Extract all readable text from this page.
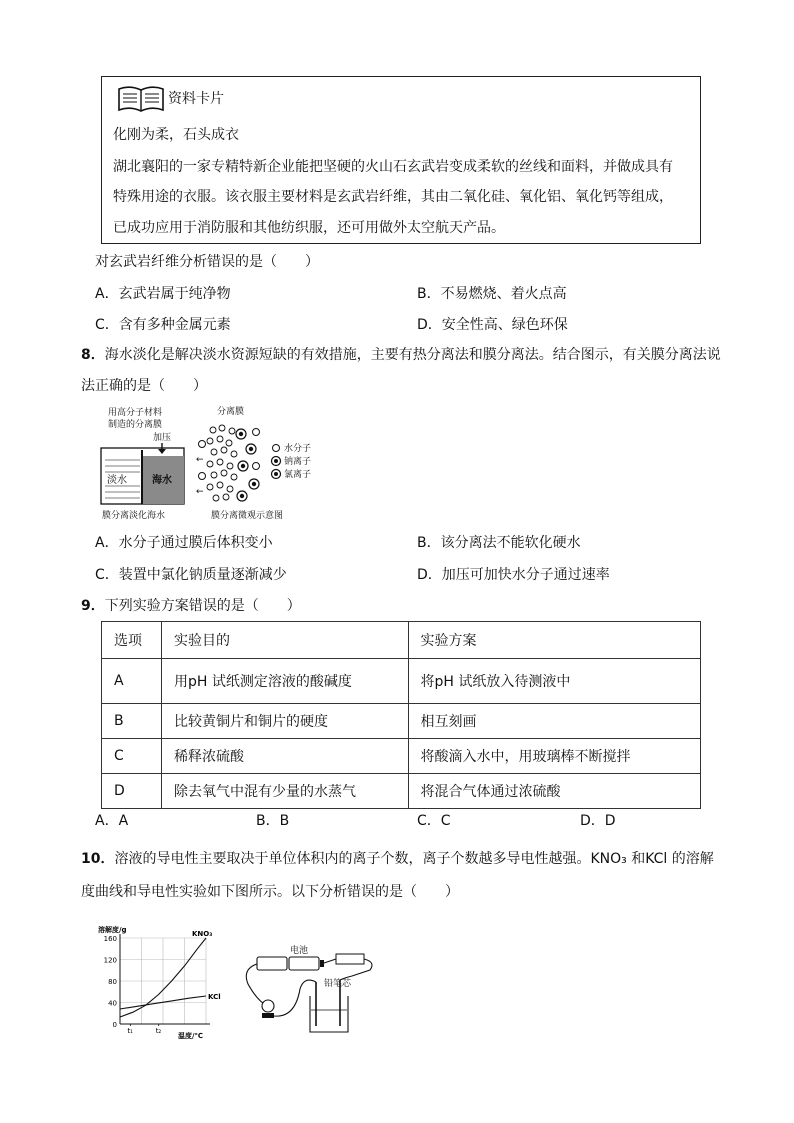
资料卡片
化刚为柔，石头成衣
湖北襄阳的一家专精特新企业能把坚硬的火山石玄武岩变成柔软的丝线和面料，并做成具有
特殊用途的衣服。该衣服主要材料是玄武岩纤维，其由二氧化硅、氧化铝、氧化钙等组成，
已成功应用于消防服和其他纺织服，还可用做外太空航天产品。
对玄武岩纤维分析错误的是（　　）
A．玄武岩属于纯净物	B．不易燃烧、着火点高
C．含有多种金属元素	D．安全性高、绿色环保
8．海水淡化是解决淡水资源短缺的有效措施，主要有热分离法和膜分离法。结合图示，有关膜分离法说
法正确的是（　　）
用高分子材料
制造的分离膜
加压
淡水	海水
膜分离淡化海水
分离膜
←
←
水分子
钠离子
氯离子
膜分离微观示意图
A．水分子通过膜后体积变小	B．该分离法不能软化硬水
C．装置中氯化钠质量逐渐减少	D．加压可加快水分子通过速率
9．下列实验方案错误的是（　　）
选项	实验目的	实验方案
A	用pH 试纸测定溶液的酸碱度	将pH 试纸放入待测液中
B	比较黄铜片和铜片的硬度	相互刻画
C	稀释浓硫酸	将酸滴入水中，用玻璃棒不断搅拌
D	除去氧气中混有少量的水蒸气	将混合气体通过浓硫酸
A．A	B．B	C．C	D．D
10．溶液的导电性主要取决于单位体积内的离子个数，离子个数越多导电性越强。KNO₃ 和KCl 的溶解
度曲线和导电性实验如下图所示。以下分析错误的是（　　）
0
40
80
120
160
溶解度/g
温度/℃
t₁	t₂
KNO₃
KCl
电池
铅笔芯
